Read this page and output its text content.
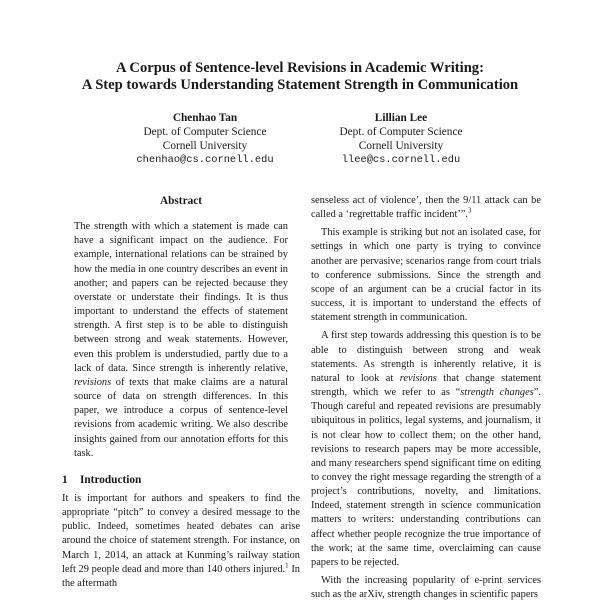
A Corpus of Sentence-level Revisions in Academic Writing:
A Step towards Understanding Statement Strength in Communication
Chenhao Tan
Dept. of Computer Science
Cornell University
chenhao@cs.cornell.edu
Lillian Lee
Dept. of Computer Science
Cornell University
llee@cs.cornell.edu
Abstract

The strength with which a statement is made can have a significant impact on the audience. For example, international relations can be strained by how the media in one country describes an event in another; and papers can be rejected because they overstate or understate their findings. It is thus important to understand the effects of statement strength. A first step is to be able to distinguish between strong and weak statements. However, even this problem is understudied, partly due to a lack of data. Since strength is inherently relative, revisions of texts that make claims are a natural source of data on strength differences. In this paper, we introduce a corpus of sentence-level revisions from academic writing. We also describe insights gained from our annotation efforts for this task.

1 Introduction

It is important for authors and speakers to find the appropriate “pitch” to convey a desired message to the public. Indeed, sometimes heated debates can arise around the choice of statement strength. For instance, on March 1, 2014, an attack at Kunming’s railway station left 29 people dead and more than 140 others injured.$^1$ In the aftermath

senseless act of violence’, then the 9/11 attack can be called a ‘regrettable traffic incident’”.$^3$

This example is striking but not an isolated case, for settings in which one party is trying to convince another are pervasive; scenarios range from court trials to conference submissions. Since the strength and scope of an argument can be a crucial factor in its success, it is important to understand the effects of statement strength in communication.

A first step towards addressing this question is to be able to distinguish between strong and weak statements. As strength is inherently relative, it is natural to look at revisions that change statement strength, which we refer to as “strength changes”. Though careful and repeated revisions are presumably ubiquitous in politics, legal systems, and journalism, it is not clear how to collect them; on the other hand, revisions to research papers may be more accessible, and many researchers spend significant time on editing to convey the right message regarding the strength of a project’s contributions, novelty, and limitations. Indeed, statement strength in science communication matters to writers: understanding contributions can affect whether people recognize the true importance of the work; at the same time, overclaiming can cause papers to be rejected.

With the increasing popularity of e-print services such as the arXiv, strength changes in scientific papers
